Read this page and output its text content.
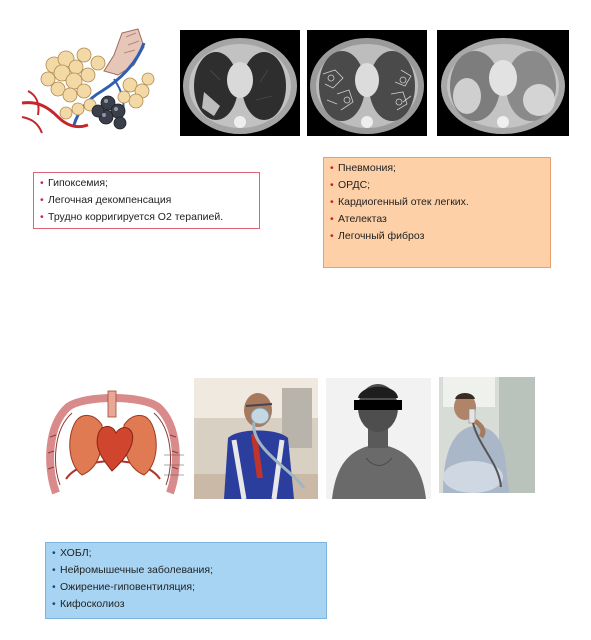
• Гипоксемия;
• Легочная декомпенсация
• Трудно корригируется О2 терапией.
• Пневмония;
• ОРДС;
• Кардиогенный отек легких.
• Ателектаз
• Легочный фиброз
• ХОБЛ;
• Нейромышечные заболевания;
• Ожирение-гиповентиляция;
• Кифосколиоз
